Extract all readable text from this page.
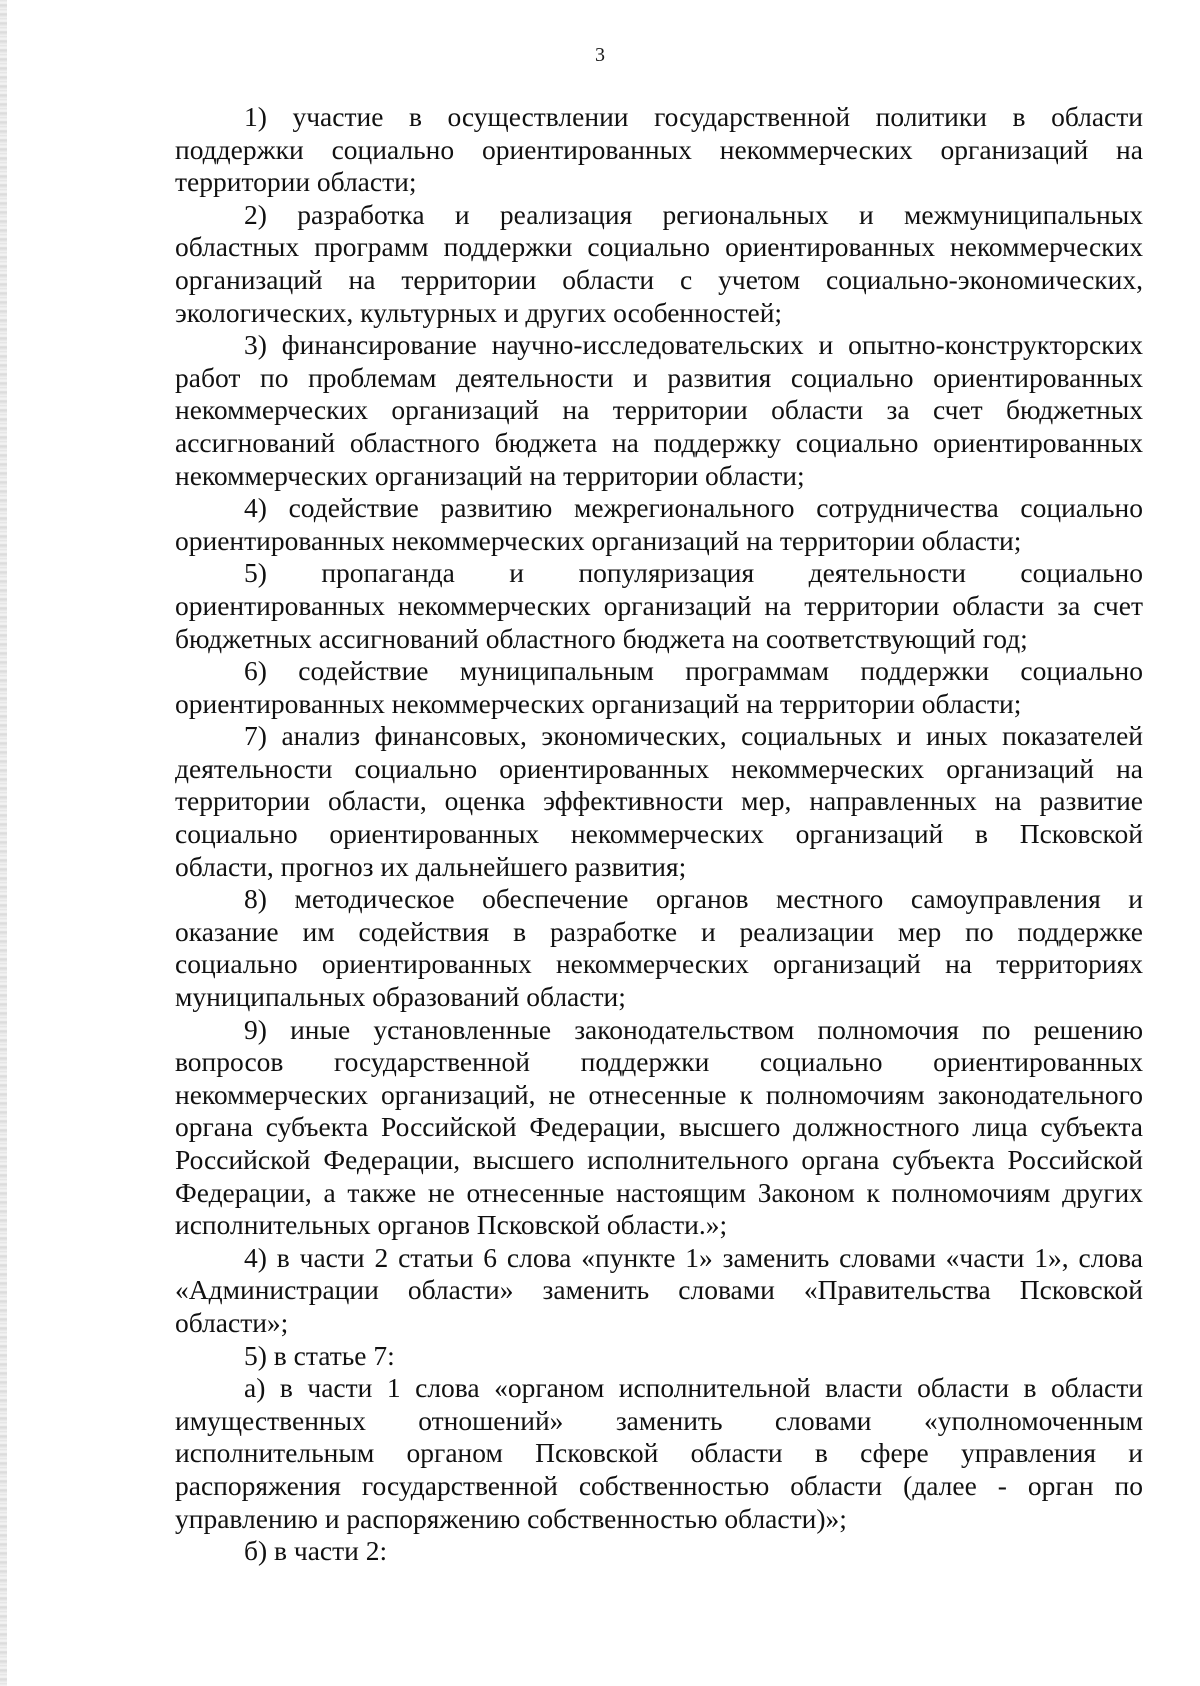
3
1) участие в осуществлении государственной политики в области
поддержки социально ориентированных некоммерческих организаций на
территории области;
2) разработка и реализация региональных и межмуниципальных
областных программ поддержки социально ориентированных некоммерческих
организаций на территории области с учетом социально-экономических,
экологических, культурных и других особенностей;
3) финансирование научно-исследовательских и опытно-конструкторских
работ по проблемам деятельности и развития социально ориентированных
некоммерческих организаций на территории области за счет бюджетных
ассигнований областного бюджета на поддержку социально ориентированных
некоммерческих организаций на территории области;
4) содействие развитию межрегионального сотрудничества социально
ориентированных некоммерческих организаций на территории области;
5) пропаганда и популяризация деятельности социально
ориентированных некоммерческих организаций на территории области за счет
бюджетных ассигнований областного бюджета на соответствующий год;
6) содействие муниципальным программам поддержки социально
ориентированных некоммерческих организаций на территории области;
7) анализ финансовых, экономических, социальных и иных показателей
деятельности социально ориентированных некоммерческих организаций на
территории области, оценка эффективности мер, направленных на развитие
социально ориентированных некоммерческих организаций в Псковской
области, прогноз их дальнейшего развития;
8) методическое обеспечение органов местного самоуправления и
оказание им содействия в разработке и реализации мер по поддержке
социально ориентированных некоммерческих организаций на территориях
муниципальных образований области;
9) иные установленные законодательством полномочия по решению
вопросов государственной поддержки социально ориентированных
некоммерческих организаций, не отнесенные к полномочиям законодательного
органа субъекта Российской Федерации, высшего должностного лица субъекта
Российской Федерации, высшего исполнительного органа субъекта Российской
Федерации, а также не отнесенные настоящим Законом к полномочиям других
исполнительных органов Псковской области.»;
4) в части 2 статьи 6 слова «пункте 1» заменить словами «части 1», слова
«Администрации области» заменить словами «Правительства Псковской
области»;
5) в статье 7:
а) в части 1 слова «органом исполнительной власти области в области
имущественных отношений» заменить словами «уполномоченным
исполнительным органом Псковской области в сфере управления и
распоряжения государственной собственностью области (далее - орган по
управлению и распоряжению собственностью области)»;
б) в части 2:
